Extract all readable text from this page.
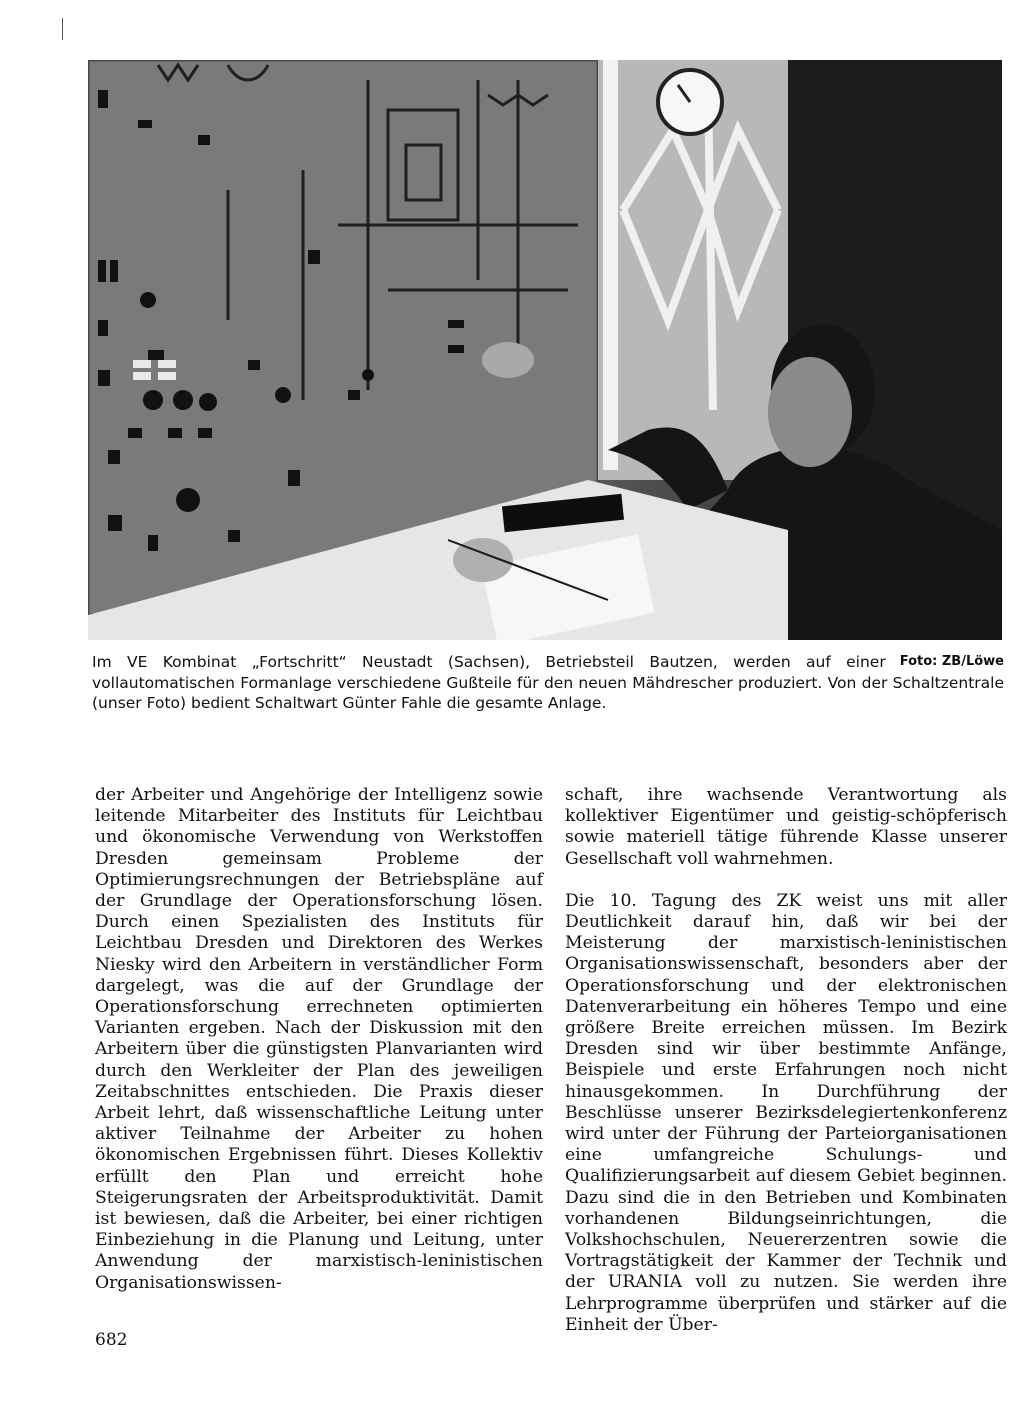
Foto: ZB/Löwe
Im VE Kombinat „Fortschritt“ Neustadt (Sachsen), Betriebsteil Bautzen, werden auf einer vollautomatischen Formanlage verschiedene Gußteile für den neuen Mähdrescher produziert. Von der Schaltzentrale (unser Foto) bedient Schaltwart Günter Fahle die gesamte Anlage.

der Arbeiter und Angehörige der Intelligenz sowie leitende Mitarbeiter des Instituts für Leichtbau und ökonomische Verwendung von Werkstoffen Dresden gemeinsam Probleme der Optimierungsrechnungen der Betriebspläne auf der Grundlage der Operationsforschung lösen. Durch einen Spezialisten des Instituts für Leichtbau Dresden und Direktoren des Werkes Niesky wird den Arbeitern in verständlicher Form dargelegt, was die auf der Grundlage der Operationsforschung errechneten optimierten Varianten ergeben. Nach der Diskussion mit den Arbeitern über die günstigsten Planvarianten wird durch den Werkleiter der Plan des jeweiligen Zeitabschnittes entschieden. Die Praxis dieser Arbeit lehrt, daß wissenschaftliche Leitung unter aktiver Teilnahme der Arbeiter zu hohen ökonomischen Ergebnissen führt. Dieses Kollektiv erfüllt den Plan und erreicht hohe Steigerungsraten der Arbeitsproduktivität. Damit ist bewiesen, daß die Arbeiter, bei einer richtigen Einbeziehung in die Planung und Leitung, unter Anwendung der marxistisch-leninistischen Organisationswissen-

schaft, ihre wachsende Verantwortung als kollektiver Eigentümer und geistig-schöpferisch sowie materiell tätige führende Klasse unserer Gesellschaft voll wahrnehmen.

Die 10. Tagung des ZK weist uns mit aller Deutlichkeit darauf hin, daß wir bei der Meisterung der marxistisch-leninistischen Organisationswissenschaft, besonders aber der Operationsforschung und der elektronischen Datenverarbeitung ein höheres Tempo und eine größere Breite erreichen müssen. Im Bezirk Dresden sind wir über bestimmte Anfänge, Beispiele und erste Erfahrungen noch nicht hinausgekommen. In Durchführung der Beschlüsse unserer Bezirksdelegiertenkonferenz wird unter der Führung der Parteiorganisationen eine umfangreiche Schulungs- und Qualifizierungsarbeit auf diesem Gebiet beginnen. Dazu sind die in den Betrieben und Kombinaten vorhandenen Bildungseinrichtungen, die Volkshochschulen, Neuererzentren sowie die Vortragstätigkeit der Kammer der Technik und der URANIA voll zu nutzen. Sie werden ihre Lehrprogramme überprüfen und stärker auf die Einheit der Über-

682
